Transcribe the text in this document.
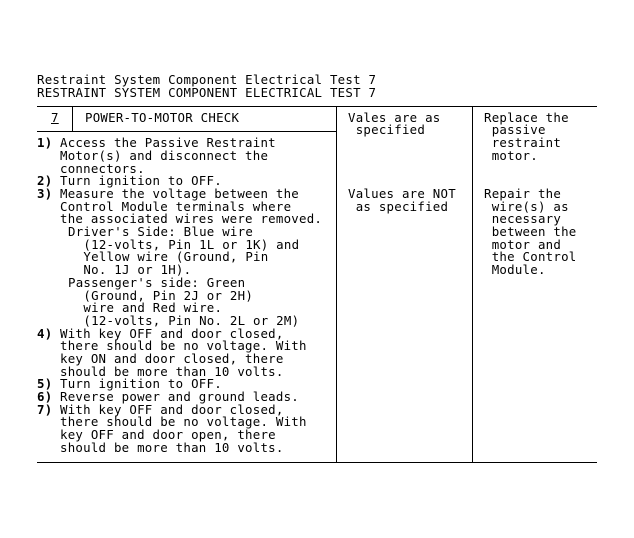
Restraint System Component Electrical Test 7
RESTRAINT SYSTEM COMPONENT ELECTRICAL TEST 7
7 POWER-TO-MOTOR CHECK
1) Access the Passive Restraint
Motor(s) and disconnect the
connectors.
2) Turn ignition to OFF.
3) Measure the voltage between the
Control Module terminals where
the associated wires were removed.
Driver's Side: Blue wire
(12-volts, Pin 1L or 1K) and
Yellow wire (Ground, Pin
No. 1J or 1H).
Passenger's side: Green
(Ground, Pin 2J or 2H)
wire and Red wire.
(12-volts, Pin No. 2L or 2M)
4) With key OFF and door closed,
there should be no voltage. With
key ON and door closed, there
should be more than 10 volts.
5) Turn ignition to OFF.
6) Reverse power and ground leads.
7) With key OFF and door closed,
there should be no voltage. With
key OFF and door open, there
should be more than 10 volts.
Vales are as
specified
Values are NOT
as specified
Replace the
passive
restraint
motor.
Repair the
wire(s) as
necessary
between the
motor and
the Control
Module.
